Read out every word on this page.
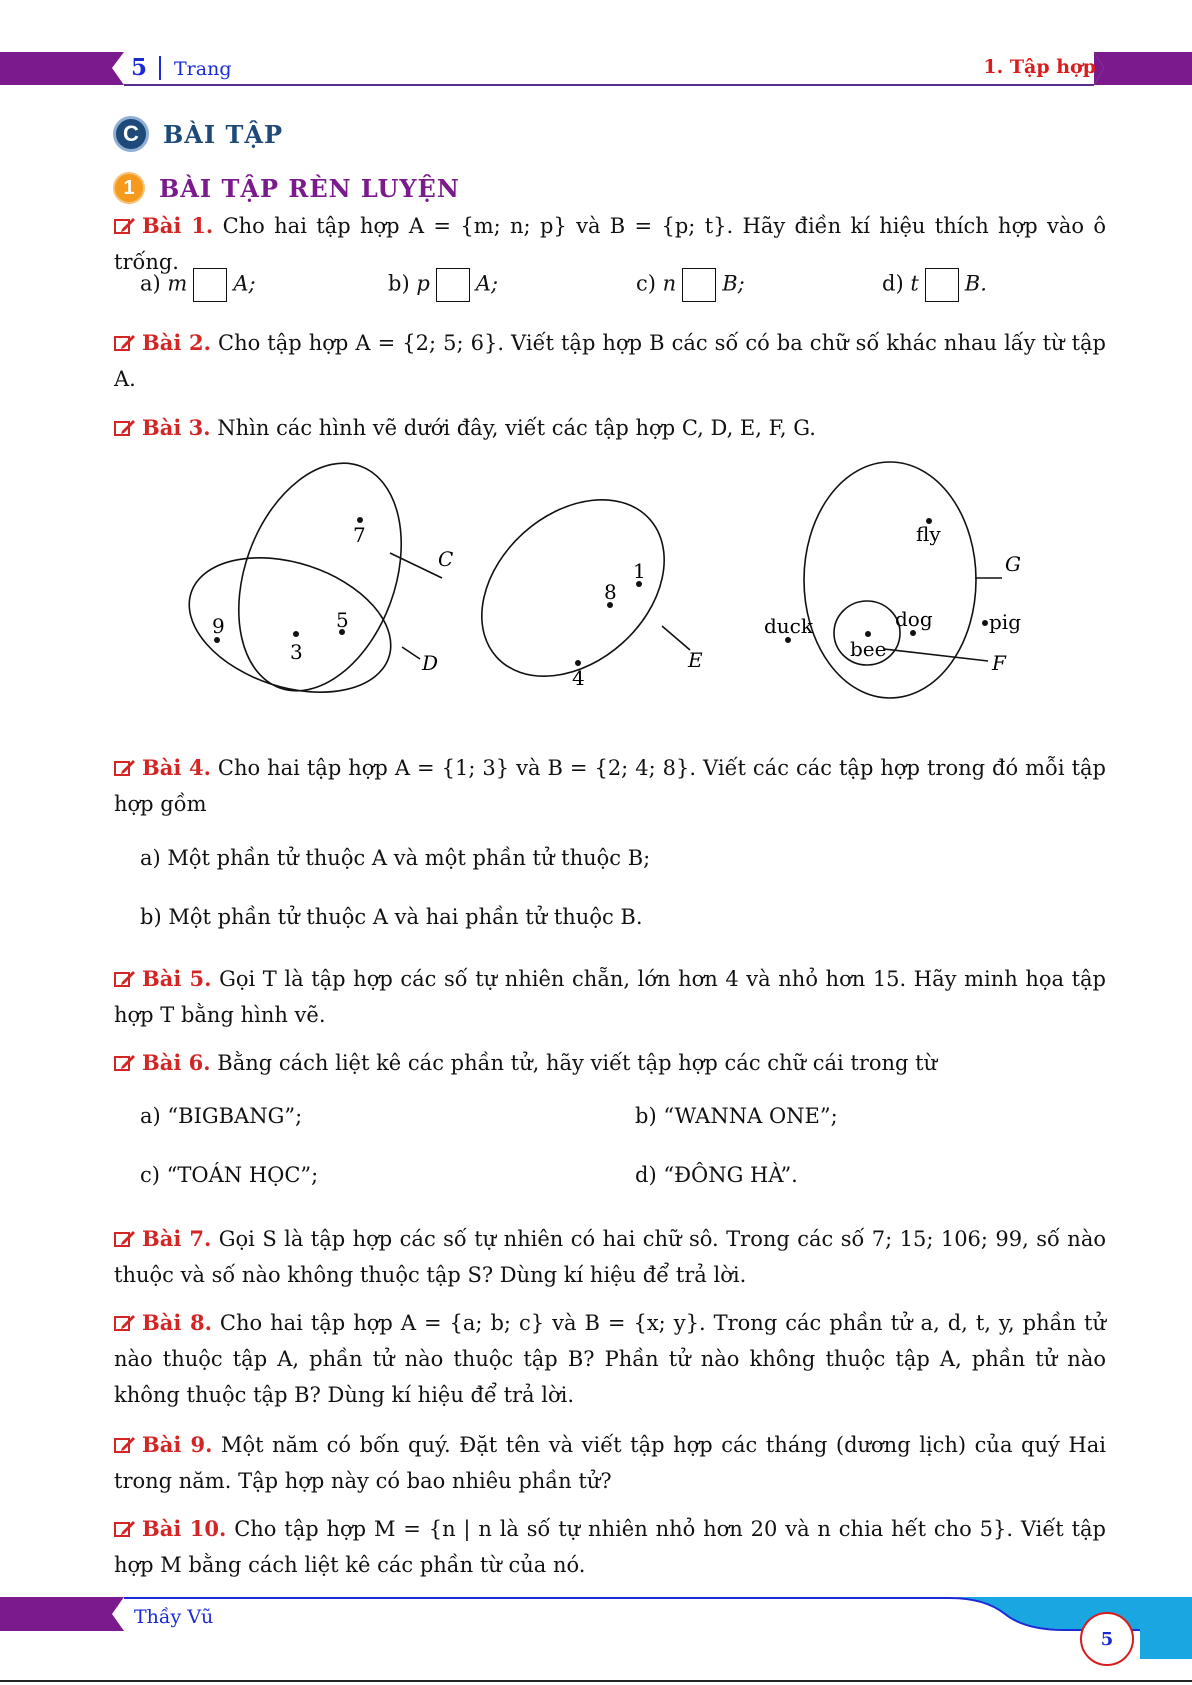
5 Trang	1. Tập hợp
C	BÀI TẬP
1	BÀI TẬP RÈN LUYỆN
Bài 1. Cho hai tập hợp A = {m; n; p} và B = {p; t}. Hãy điền kí hiệu thích hợp vào ô trống.
a) m A;	b) p A;	c) n B;	d) t B.
Bài 2. Cho tập hợp A = {2; 5; 6}. Viết tập hợp B các số có ba chữ số khác nhau lấy từ tập A.
Bài 3. Nhìn các hình vẽ dưới đây, viết các tập hợp C, D, E, F, G.
7
9
3
5
C
D
1
8
4
E
fly
duck	dog
bee
pig
G
F
Bài 4. Cho hai tập hợp A = {1; 3} và B = {2; 4; 8}. Viết các các tập hợp trong đó mỗi tập hợp gồm
a) Một phần tử thuộc A và một phần tử thuộc B;
b) Một phần tử thuộc A và hai phần tử thuộc B.
Bài 5. Gọi T là tập hợp các số tự nhiên chẵn, lớn hơn 4 và nhỏ hơn 15. Hãy minh họa tập hợp T bằng hình vẽ.
Bài 6. Bằng cách liệt kê các phần tử, hãy viết tập hợp các chữ cái trong từ
a) “BIGBANG”;	b) “WANNA ONE”;
c) “TOÁN HỌC”;	d) “ĐÔNG HÀ”.
Bài 7. Gọi S là tập hợp các số tự nhiên có hai chữ sô. Trong các số 7; 15; 106; 99, số nào thuộc và số nào không thuộc tập S? Dùng kí hiệu để trả lời.
Bài 8. Cho hai tập hợp A = {a; b; c} và B = {x; y}. Trong các phần tử a, d, t, y, phần tử nào thuộc tập A, phần tử nào thuộc tập B? Phần tử nào không thuộc tập A, phần tử nào không thuộc tập B? Dùng kí hiệu để trả lời.
Bài 9. Một năm có bốn quý. Đặt tên và viết tập hợp các tháng (dương lịch) của quý Hai trong năm. Tập hợp này có bao nhiêu phần tử?
Bài 10. Cho tập hợp M = {n | n là số tự nhiên nhỏ hơn 20 và n chia hết cho 5}. Viết tập hợp M bằng cách liệt kê các phần từ của nó.
Thầy Vũ
5
